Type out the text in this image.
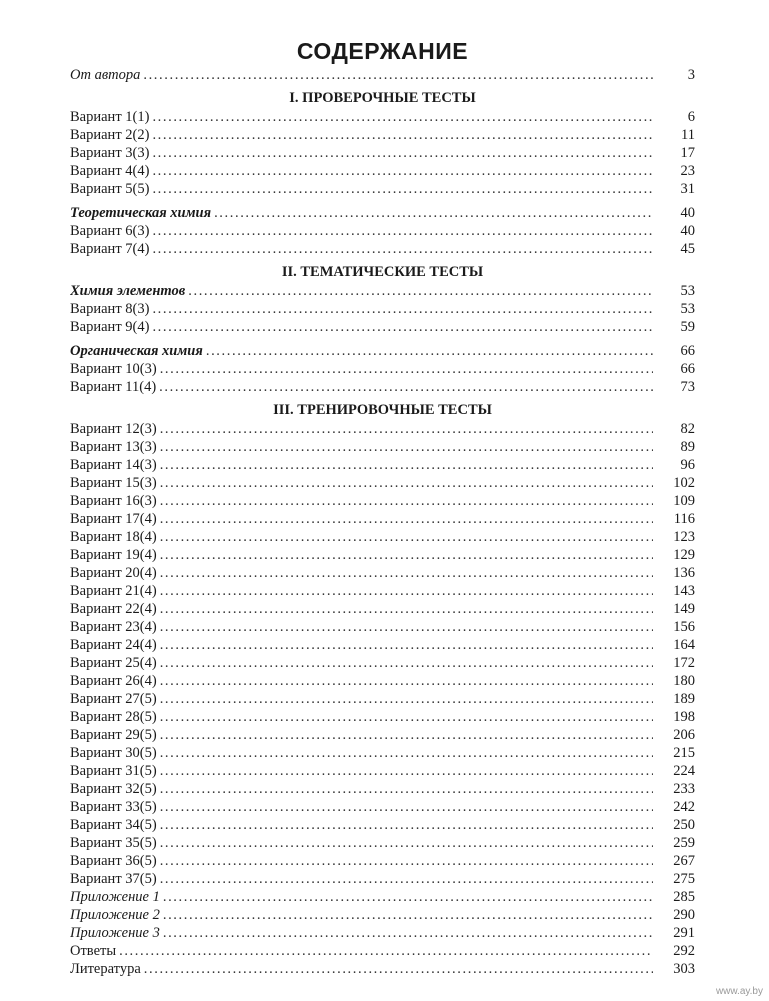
СОДЕРЖАНИЕ
От автора .....	3
I. ПРОВЕРОЧНЫЕ ТЕСТЫ
Вариант 1(1) .....	6
Вариант 2(2) .....	11
Вариант 3(3) .....	17
Вариант 4(4) .....	23
Вариант 5(5) .....	31
Теоретическая химия .....	40
Вариант 6(3) .....	40
Вариант 7(4) .....	45
II. ТЕМАТИЧЕСКИЕ ТЕСТЫ
Химия элементов .....	53
Вариант 8(3) .....	53
Вариант 9(4) .....	59
Органическая химия .....	66
Вариант 10(3) .....	66
Вариант 11(4) .....	73
III. ТРЕНИРОВОЧНЫЕ ТЕСТЫ
Вариант 12(3) .....	82
Вариант 13(3) .....	89
Вариант 14(3) .....	96
Вариант 15(3) .....	102
Вариант 16(3) .....	109
Вариант 17(4) .....	116
Вариант 18(4) .....	123
Вариант 19(4) .....	129
Вариант 20(4) .....	136
Вариант 21(4) .....	143
Вариант 22(4) .....	149
Вариант 23(4) .....	156
Вариант 24(4) .....	164
Вариант 25(4) .....	172
Вариант 26(4) .....	180
Вариант 27(5) .....	189
Вариант 28(5) .....	198
Вариант 29(5) .....	206
Вариант 30(5) .....	215
Вариант 31(5) .....	224
Вариант 32(5) .....	233
Вариант 33(5) .....	242
Вариант 34(5) .....	250
Вариант 35(5) .....	259
Вариант 36(5) .....	267
Вариант 37(5) .....	275
Приложение 1 .....	285
Приложение 2 .....	290
Приложение 3 .....	291
Ответы .....	292
Литература .....	303
www.ay.by
